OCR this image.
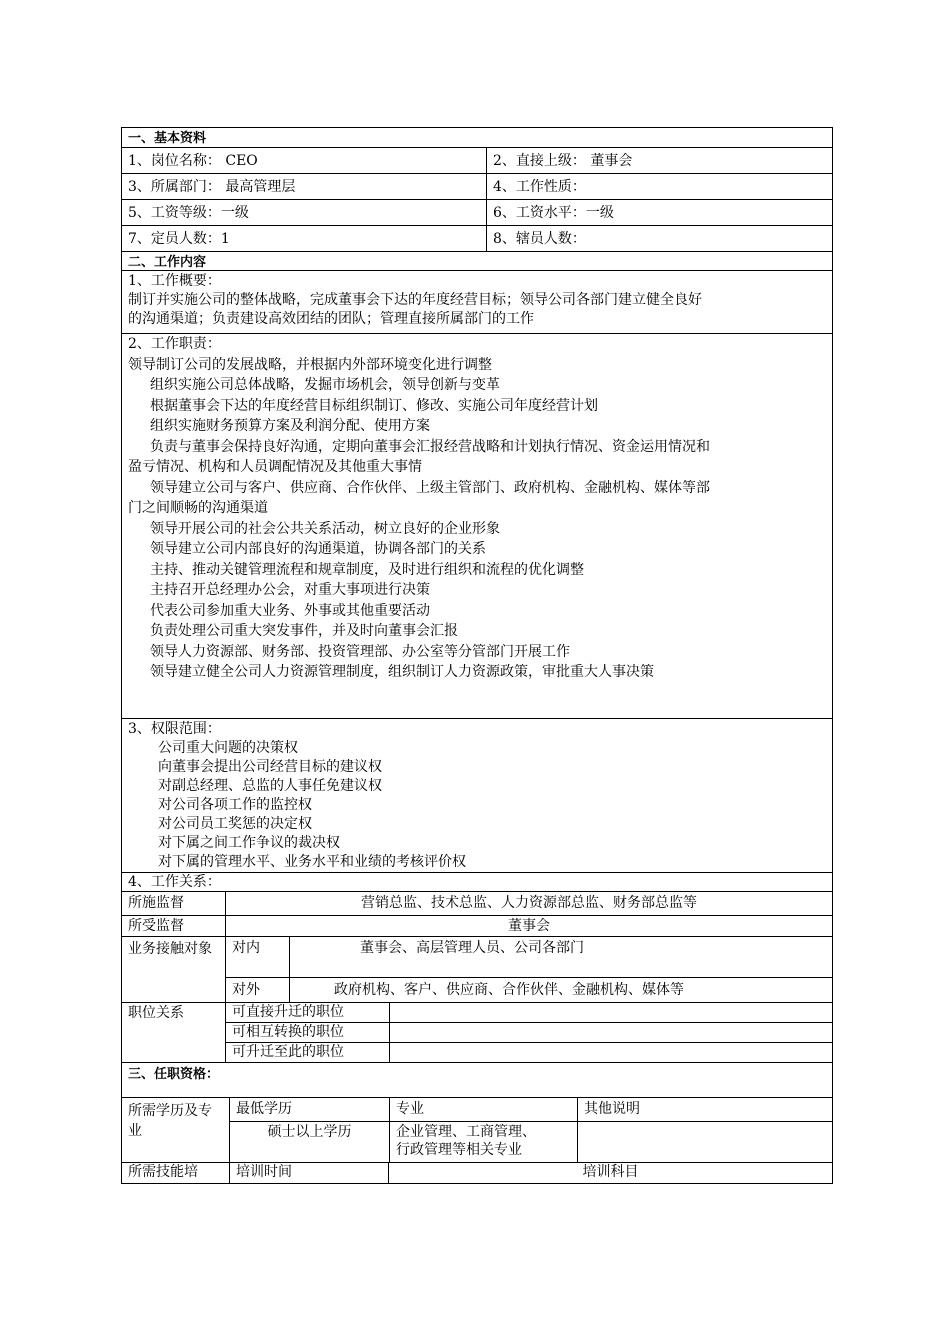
一、基本资料
1、岗位名称： CEO	2、直接上级： 董事会
3、所属部门： 最高管理层	4、工作性质：
5、工资等级：一级	6、工资水平：一级
7、定员人数：1	8、辖员人数：
二、工作内容
1、工作概要：
制订并实施公司的整体战略，完成董事会下达的年度经营目标；领导公司各部门建立健全良好
的沟通渠道；负责建设高效团结的团队；管理直接所属部门的工作
2、工作职责：
领导制订公司的发展战略，并根据内外部环境变化进行调整
组织实施公司总体战略，发掘市场机会，领导创新与变革
根据董事会下达的年度经营目标组织制订、修改、实施公司年度经营计划
组织实施财务预算方案及利润分配、使用方案
负责与董事会保持良好沟通，定期向董事会汇报经营战略和计划执行情况、资金运用情况和
盈亏情况、机构和人员调配情况及其他重大事情
领导建立公司与客户、供应商、合作伙伴、上级主管部门、政府机构、金融机构、媒体等部
门之间顺畅的沟通渠道
领导开展公司的社会公共关系活动，树立良好的企业形象
领导建立公司内部良好的沟通渠道，协调各部门的关系
主持、推动关键管理流程和规章制度，及时进行组织和流程的优化调整
主持召开总经理办公会，对重大事项进行决策
代表公司参加重大业务、外事或其他重要活动
负责处理公司重大突发事件，并及时向董事会汇报
领导人力资源部、财务部、投资管理部、办公室等分管部门开展工作
领导建立健全公司人力资源管理制度，组织制订人力资源政策，审批重大人事决策
3、权限范围：
公司重大问题的决策权
向董事会提出公司经营目标的建议权
对副总经理、总监的人事任免建议权
对公司各项工作的监控权
对公司员工奖惩的决定权
对下属之间工作争议的裁决权
对下属的管理水平、业务水平和业绩的考核评价权
4、工作关系：
所施监督	营销总监、技术总监、人力资源部总监、财务部总监等
所受监督	董事会
业务接触对象	对内	董事会、高层管理人员、公司各部门
对外	政府机构、客户、供应商、合作伙伴、金融机构、媒体等
职位关系	可直接升迁的职位
可相互转换的职位
可升迁至此的职位
三、任职资格：
所需学历及专业
最低学历	专业	其他说明
硕士以上学历	企业管理、工商管理、
行政管理等相关专业
所需技能培	培训时间	培训科目
